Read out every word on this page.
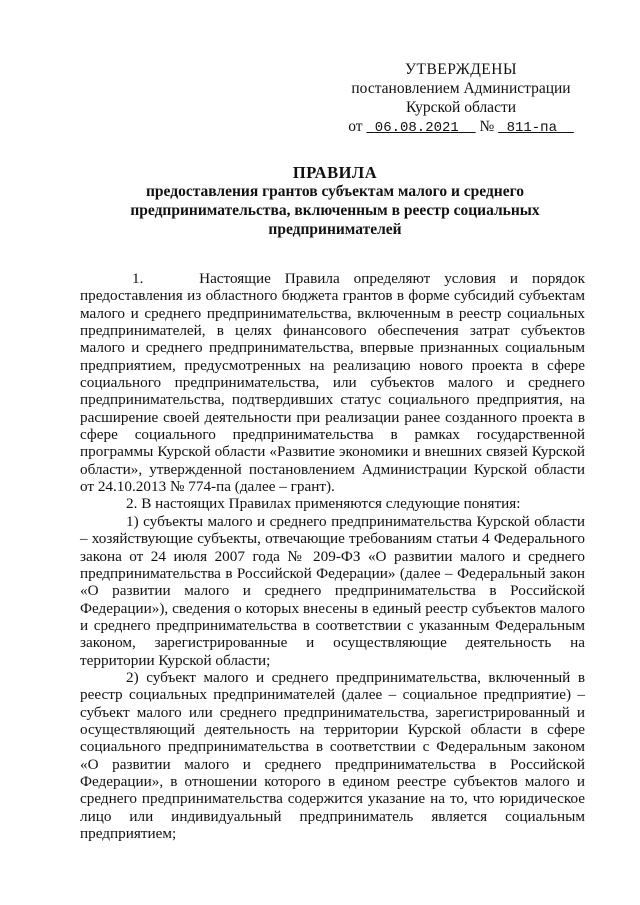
УТВЕРЖДЕНЫ
постановлением Администрации
Курской области
от 06.08.2021 № 811-па
ПРАВИЛА
предоставления грантов субъектам малого и среднего
предпринимательства, включенным в реестр социальных
предпринимателей

1.    Настоящие Правила определяют условия и порядок предоставления из областного бюджета грантов в форме субсидий субъектам малого и среднего предпринимательства, включенным в реестр социальных предпринимателей, в целях финансового обеспечения затрат субъектов малого и среднего предпринимательства, впервые признанных социальным предприятием, предусмотренных на реализацию нового проекта в сфере социального предпринимательства, или субъектов малого и среднего предпринимательства, подтвердивших статус социального предприятия, на расширение своей деятельности при реализации ранее созданного проекта в сфере социального предпринимательства в рамках государственной программы Курской области «Развитие экономики и внешних связей Курской области», утвержденной постановлением Администрации Курской области от 24.10.2013 № 774-па (далее – грант).

2. В настоящих Правилах применяются следующие понятия:

1) субъекты малого и среднего предпринимательства Курской области – хозяйствующие субъекты, отвечающие требованиям статьи 4 Федерального закона от 24 июля 2007 года № 209-ФЗ «О развитии малого и среднего предпринимательства в Российской Федерации» (далее – Федеральный закон «О развитии малого и среднего предпринимательства в Российской Федерации»), сведения о которых внесены в единый реестр субъектов малого и среднего предпринимательства в соответствии с указанным Федеральным законом, зарегистрированные и осуществляющие деятельность на территории Курской области;

2) субъект малого и среднего предпринимательства, включенный в реестр социальных предпринимателей (далее – социальное предприятие) – субъект малого или среднего предпринимательства, зарегистрированный и осуществляющий деятельность на территории Курской области в сфере социального предпринимательства в соответствии с Федеральным законом «О развитии малого и среднего предпринимательства в Российской Федерации», в отношении которого в едином реестре субъектов малого и среднего предпринимательства содержится указание на то, что юридическое лицо или индивидуальный предприниматель является социальным предприятием;
